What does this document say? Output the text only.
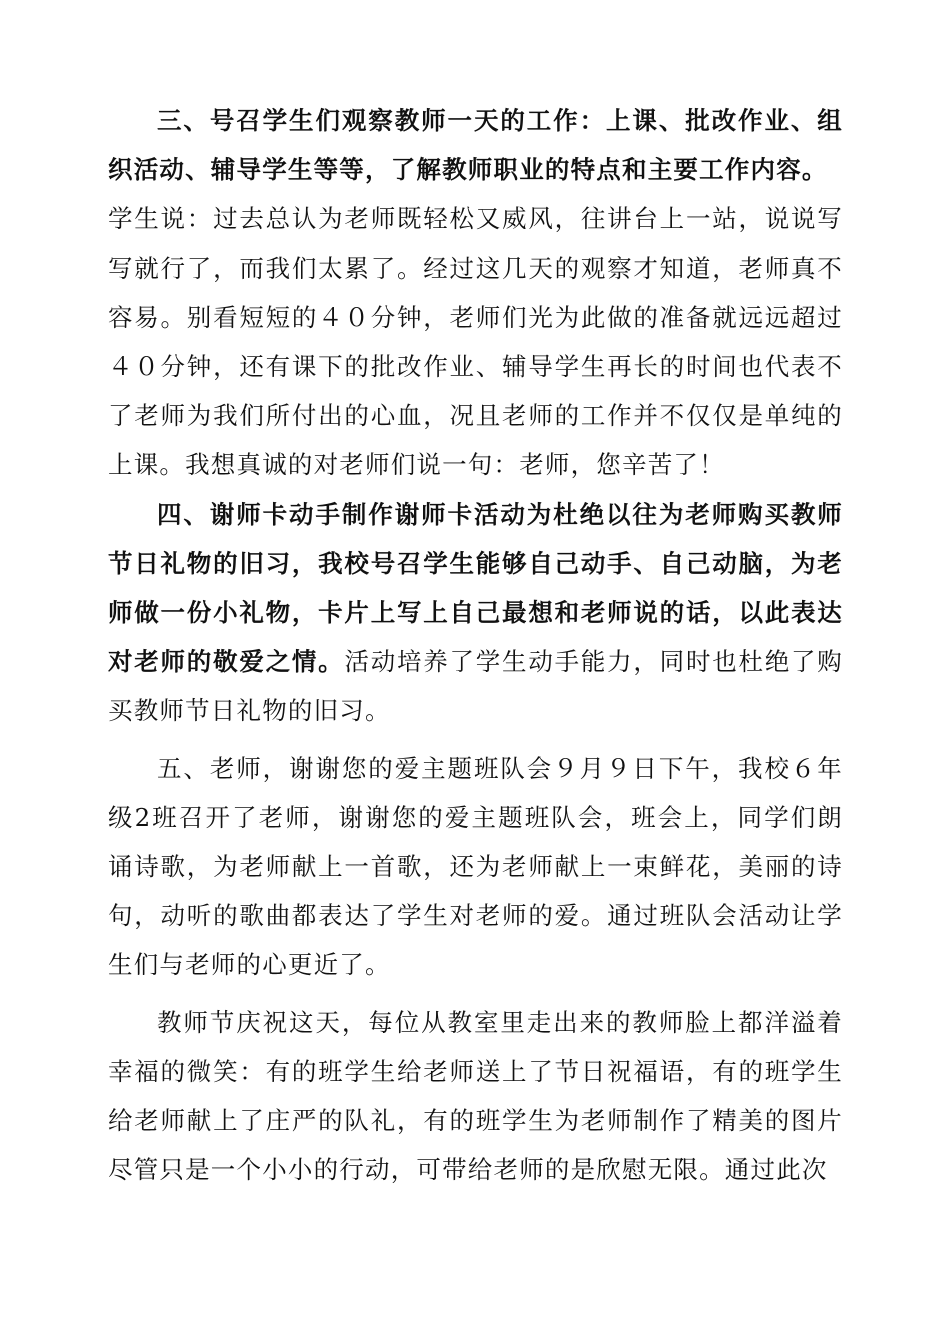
三、号召学生们观察教师一天的工作：上课、批改作业、组织活动、辅导学生等等，了解教师职业的特点和主要工作内容。
学生说：过去总认为老师既轻松又威风，往讲台上一站，说说写写就行了，而我们太累了。经过这几天的观察才知道，老师真不容易。别看短短的４０分钟，老师们光为此做的准备就远远超过４０分钟，还有课下的批改作业、辅导学生再长的时间也代表不了老师为我们所付出的心血，况且老师的工作并不仅仅是单纯的上课。我想真诚的对老师们说一句：老师，您辛苦了！

四、谢师卡动手制作谢师卡活动为杜绝以往为老师购买教师节日礼物的旧习，我校号召学生能够自己动手、自己动脑，为老师做一份小礼物，卡片上写上自己最想和老师说的话，以此表达对老师的敬爱之情。活动培养了学生动手能力，同时也杜绝了购买教师节日礼物的旧习。

五、老师，谢谢您的爱主题班队会９月９日下午，我校６年级2班召开了老师，谢谢您的爱主题班队会，班会上，同学们朗诵诗歌，为老师献上一首歌，还为老师献上一束鲜花，美丽的诗句，动听的歌曲都表达了学生对老师的爱。通过班队会活动让学生们与老师的心更近了。

教师节庆祝这天，每位从教室里走出来的教师脸上都洋溢着幸福的微笑：有的班学生给老师送上了节日祝福语，有的班学生给老师献上了庄严的队礼，有的班学生为老师制作了精美的图片尽管只是一个小小的行动，可带给老师的是欣慰无限。通过此次
